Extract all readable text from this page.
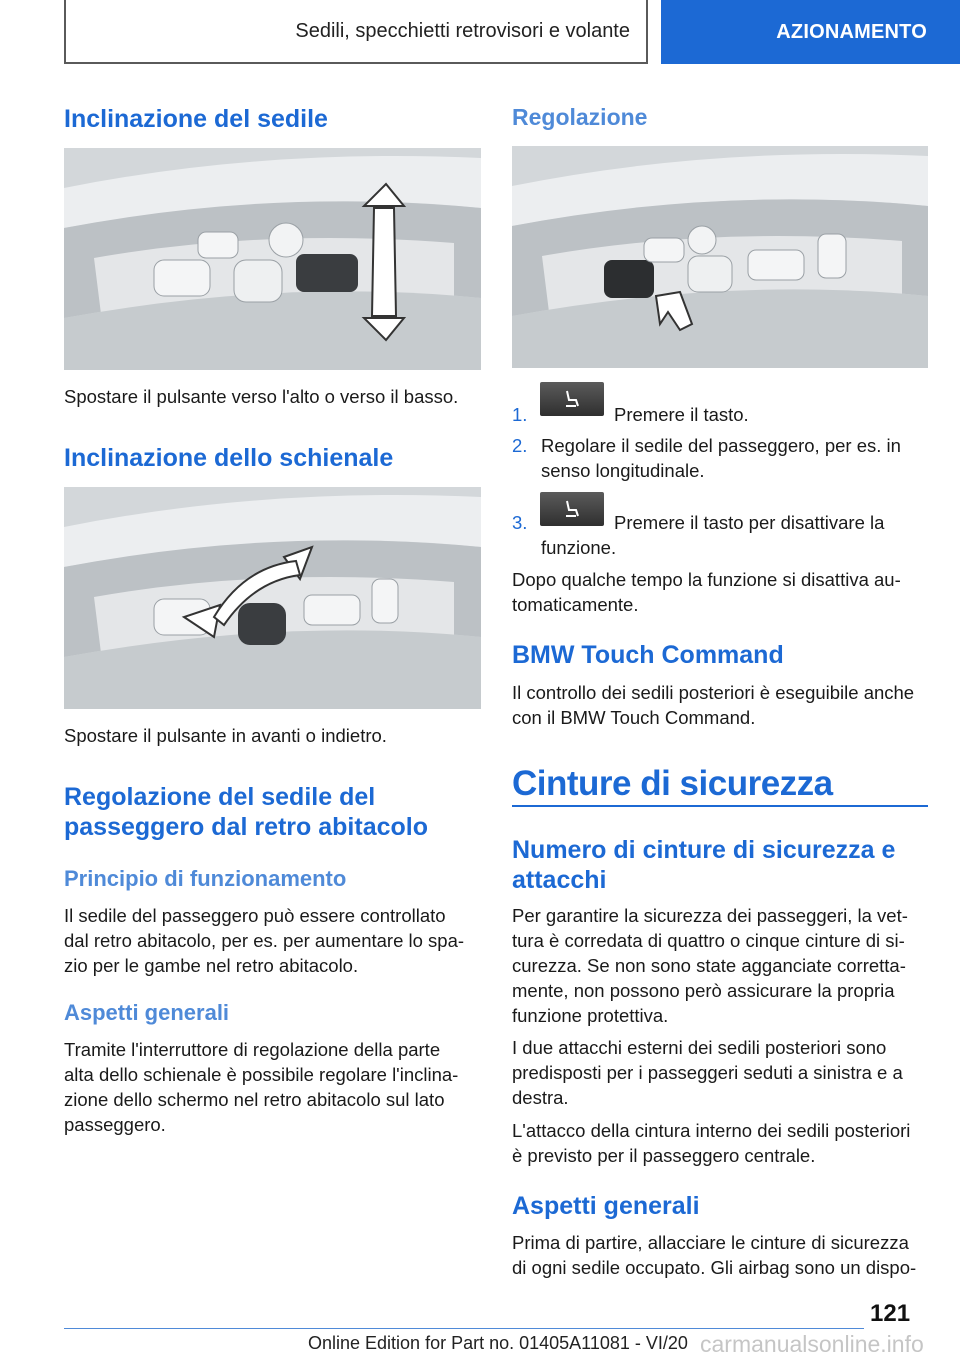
Sedili, specchietti retrovisori e volante	AZIONAMENTO
Inclinazione del sedile

Spostare il pulsante verso l'alto o verso il basso.

Inclinazione dello schienale

Spostare il pulsante in avanti o indietro.

Regolazione del sedile del
passeggero dal retro abitacolo
Principio di funzionamento

Il sedile del passeggero può essere controllato

dal retro abitacolo, per es. per aumentare lo spa-

zio per le gambe nel retro abitacolo.

Aspetti generali

Tramite l'interruttore di regolazione della parte

alta dello schienale è possibile regolare l'inclina-

zione dello schermo nel retro abitacolo sul lato

passeggero.

Regolazione
1.	Premere il tasto.

2. Regolare il sedile del passeggero, per es. in

senso longitudinale.

3.	Premere il tasto per disattivare la

funzione.

Dopo qualche tempo la funzione si disattiva au-

tomaticamente.

BMW Touch Command

Il controllo dei sedili posteriori è eseguibile anche

con il BMW Touch Command.

Cinture di sicurezza
Numero di cinture di sicurezza e
attacchi

Per garantire la sicurezza dei passeggeri, la vet-

tura è corredata di quattro o cinque cinture di si-

curezza. Se non sono state agganciate corretta-

mente, non possono però assicurare la propria

funzione protettiva.

I due attacchi esterni dei sedili posteriori sono

predisposti per i passeggeri seduti a sinistra e a

destra.

L'attacco della cintura interno dei sedili posteriori

è previsto per il passeggero centrale.

Aspetti generali

Prima di partire, allacciare le cinture di sicurezza

di ogni sedile occupato. Gli airbag sono un dispo-

121
Online Edition for Part no. 01405A11081 - VI/20 carmanualsonline.info
